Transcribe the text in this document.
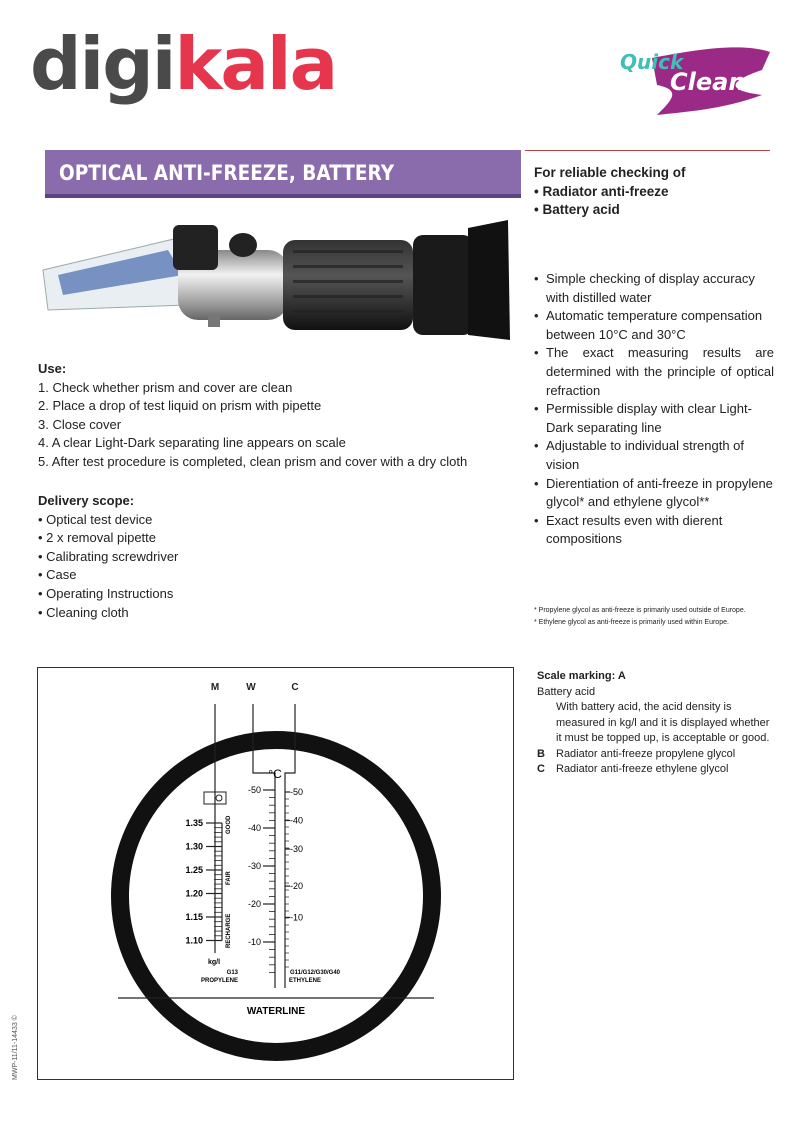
digikala	Quick
Clean
OPTICAL ANTI-FREEZE, BATTERY	For reliable checking of
• Radiator anti-freeze
• Battery acid
• Simple checking of display accuracy with distilled water
• Automatic temperature compensation between 10°C and 30°C
• The exact measuring results are determined with the principle of optical refraction
• Permissible display with clear Light- Dark separating line
• Adjustable to individual strength of vision
• Dierentiation of anti-freeze in propylene glycol* and ethylene glycol**
• Exact results even with dierent compositions
* Propylene glycol as anti-freeze is primarily used outside of Europe.
* Ethylene glycol as anti-freeze is primarily used within Europe.
Use:
1. Check whether prism and cover are clean
2. Place a drop of test liquid on prism with pipette
3. Close cover
4. A clear Light-Dark separating line appears on scale
5. After test procedure is completed, clean prism and cover with a dry cloth
Delivery scope:
• Optical test device
• 2 x removal pipette
• Calibrating screwdriver
• Case
• Operating Instructions
• Cleaning cloth
Scale marking: A
Battery acid
With battery acid, the acid density is measured in kg/l and it is displayed whether it must be topped up, is acceptable or good.
B Radiator anti-freeze propylene glycol
C Radiator anti-freeze ethylene glycol
M	W	C
WATERLINE
°C
kg/l
1.35
1.30
1.25
1.20
1.15
1.10
-50
-40
-30
-20
-10
-50
-40
-30
-20
-10
G13
PROPYLENE
G11/G12/G30/G40
ETHYLENE
GOOD
FAIR
RECHARGE
MWP-11/11-14433 ©
